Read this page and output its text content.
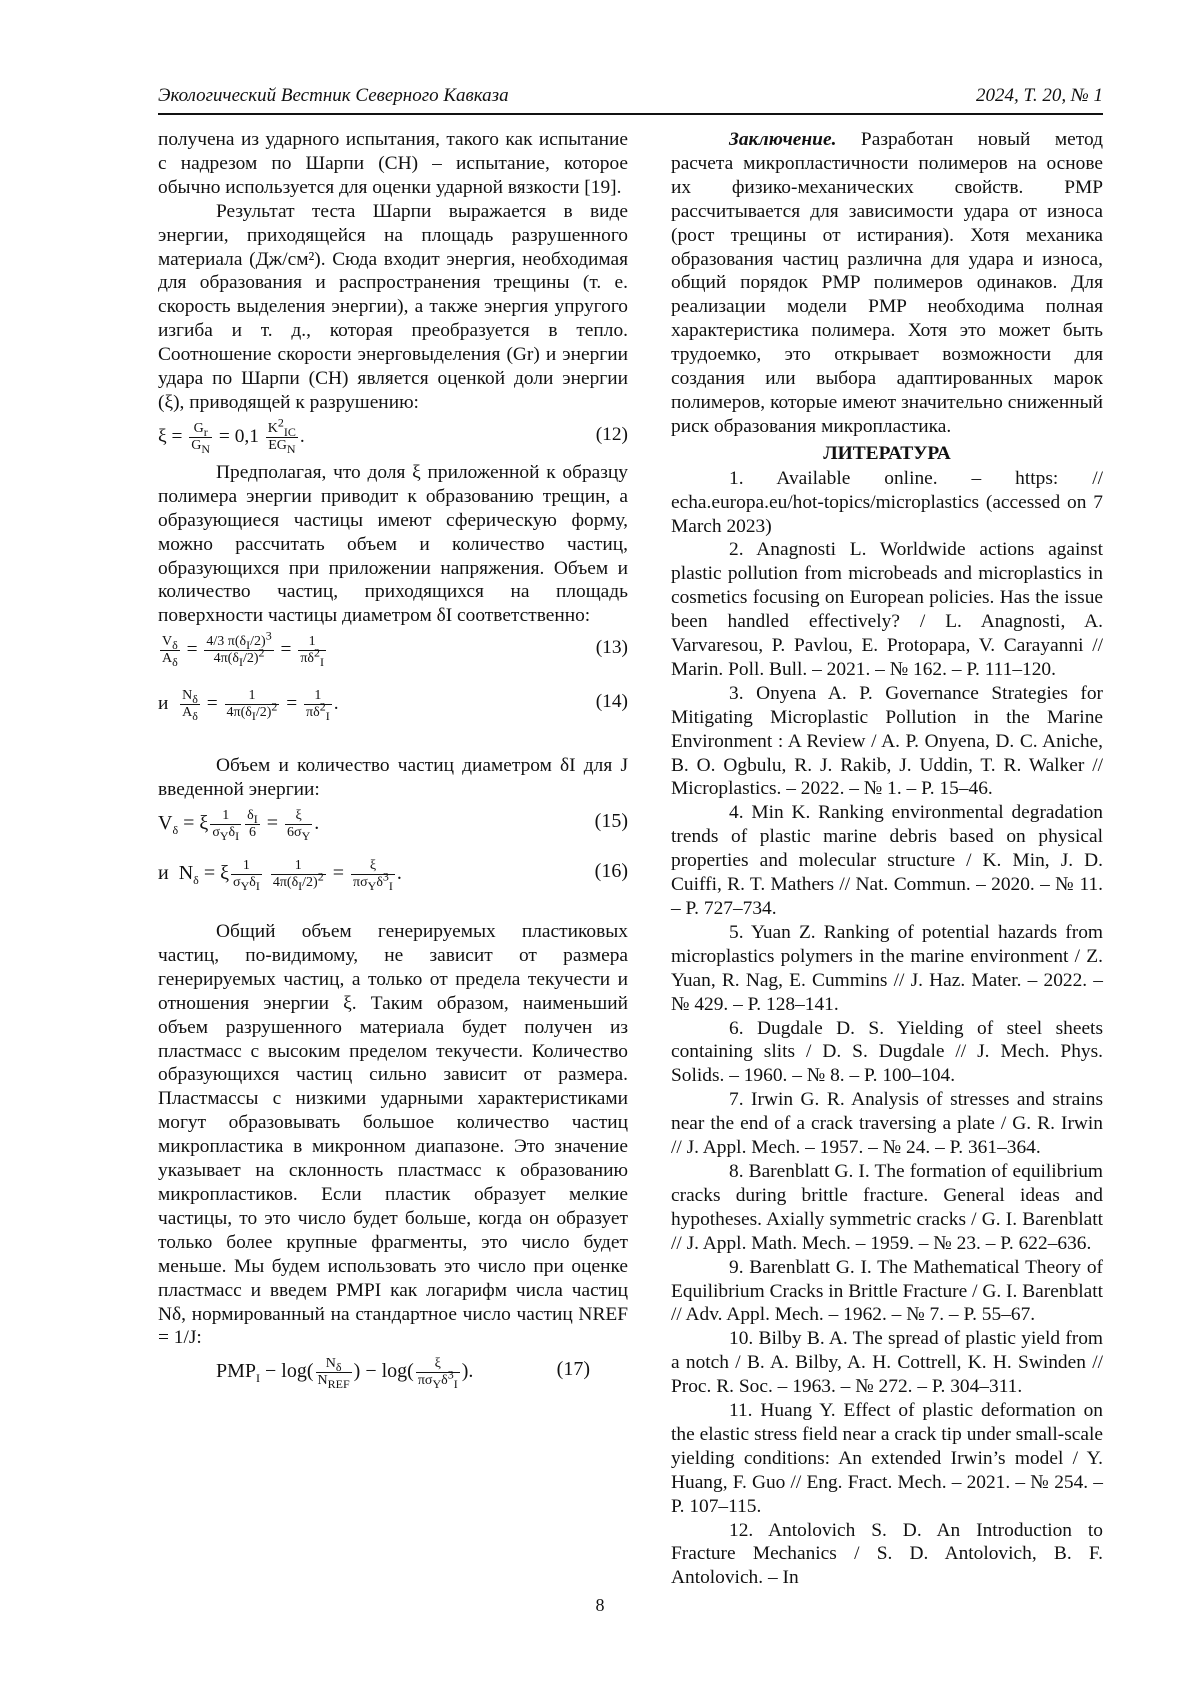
Экологический Вестник Северного Кавказа	2024, Т. 20, № 1

получена из ударного испытания, такого как испытание с надрезом по Шарпи (СН) – испытание, которое обычно используется для оценки ударной вязкости [19].

Результат теста Шарпи выражается в виде энергии, приходящейся на площадь разрушенного материала (Дж/см²). Сюда входит энергия, необходимая для образования и распространения трещины (т. е. скорость выделения энергии), а также энергия упругого изгиба и т. д., которая преобразуется в тепло. Соотношение скорости энерговыделения (Gr) и энергии удара по Шарпи (СН) является оценкой доли энергии (ξ), приводящей к разрушению:

$\xi = \frac{G_r}{G_N} = 0,1 \frac{K^2_{IC}}{EG_N}$ .	(12)

Предполагая, что доля ξ приложенной к образцу полимера энергии приводит к образованию трещин, а образующиеся частицы имеют сферическую форму, можно рассчитать объем и количество частиц, образующихся при приложении напряжения. Объем и количество частиц, приходящихся на площадь поверхности частицы диаметром δI соответственно:

$\frac{V_\delta}{A_\delta} = \frac{4/3 \pi(\delta_I/2)^3}{4\pi(\delta_I/2)^2} = \frac{1}{\pi\delta^2_I}$	(13)
и $\frac{N_\delta}{A_\delta} = \frac{1}{4\pi(\delta_I/2)^2} = \frac{1}{\pi\delta^2_I}$ .	(14)

Объем и количество частиц диаметром δI для J введенной энергии:

$V_\delta = \xi \frac{1}{\sigma_Y\delta_I} \frac{\delta_I}{6} = \frac{\xi}{6\sigma_Y}$ .	(15)
и  $N_\delta = \xi \frac{1}{\sigma_Y\delta_I}$
$\frac{1}{4\pi(\delta_I/2)^2} = \frac{\xi}{\pi\sigma_Y\delta^3_I}$ .	(16)

Общий объем генерируемых пластиковых частиц, по-видимому, не зависит от размера генерируемых частиц, а только от предела текучести и отношения энергии ξ. Таким образом, наименьший объем разрушенного материала будет получен из пластмасс с высоким пределом текучести. Количество образующихся частиц сильно зависит от размера. Пластмассы с низкими ударными характеристиками могут образовывать большое количество частиц микропластика в микронном диапазоне. Это значение указывает на склонность пластмасс к образованию микропластиков. Если пластик образует мелкие частицы, то это число будет больше, когда он образует только более крупные фрагменты, это число будет меньше. Мы будем использовать это число при оценке пластмасс и введем PMPI как логарифм числа частиц Nδ, нормированный на стандартное число частиц NREF = 1/J:

$PMP_I - \log( \frac{N_\delta}{N_{REF}}$ ) − $\log( \frac{\xi}{\pi\sigma_Y\delta^3_I}$ ).	(17)

Заключение. Разработан новый метод расчета микропластичности полимеров на основе их физико-механических свойств. PMP рассчитывается для зависимости удара от износа (рост трещины от истирания). Хотя механика образования частиц различна для удара и износа, общий порядок PMP полимеров одинаков. Для реализации модели PMP необходима полная характеристика полимера. Хотя это может быть трудоемко, это открывает возможности для создания или выбора адаптированных марок полимеров, которые имеют значительно сниженный риск образования микропластика.

ЛИТЕРАТУРА

1. Available online. – https: // echa.europa.eu/hot-topics/microplastics (accessed on 7 March 2023)

2. Anagnosti L. Worldwide actions against plastic pollution from microbeads and microplastics in cosmetics focusing on European policies. Has the issue been handled effectively? / L. Anagnosti, A. Varvaresou, P. Pavlou, E. Protopapa, V. Carayanni // Marin. Poll. Bull. – 2021. – № 162. – P. 111–120.

3. Onyena A. P. Governance Strategies for Mitigating Microplastic Pollution in the Marine Environment : A Review / A. P. Onyena, D. C. Aniche, B. O. Ogbulu, R. J. Rakib, J. Uddin, T. R. Walker // Microplastics. – 2022. – № 1. – P. 15–46.

4. Min K. Ranking environmental degradation trends of plastic marine debris based on physical properties and molecular structure / K. Min, J. D. Cuiffi, R. T. Mathers // Nat. Commun. – 2020. – № 11. – P. 727–734.

5. Yuan Z. Ranking of potential hazards from microplastics polymers in the marine environment / Z. Yuan, R. Nag, E. Cummins // J. Haz. Mater. – 2022. – № 429. – P. 128–141.

6. Dugdale D. S. Yielding of steel sheets containing slits / D. S. Dugdale // J. Mech. Phys. Solids. – 1960. – № 8. – P. 100–104.

7. Irwin G. R. Analysis of stresses and strains near the end of a crack traversing a plate / G. R. Irwin // J. Appl. Mech. – 1957. – № 24. – P. 361–364.

8. Barenblatt G. I. The formation of equilibrium cracks during brittle fracture. General ideas and hypotheses. Axially symmetric cracks / G. I. Barenblatt // J. Appl. Math. Mech. – 1959. – № 23. – P. 622–636.

9. Barenblatt G. I. The Mathematical Theory of Equilibrium Cracks in Brittle Fracture / G. I. Barenblatt // Adv. Appl. Mech. – 1962. – № 7. – P. 55–67.

10. Bilby B. A. The spread of plastic yield from a notch / B. A. Bilby, A. H. Cottrell, K. H. Swinden // Proc. R. Soc. – 1963. – № 272. – P. 304–311.

11. Huang Y. Effect of plastic deformation on the elastic stress field near a crack tip under small-scale yielding conditions: An extended Irwin’s model / Y. Huang, F. Guo // Eng. Fract. Mech. – 2021. – № 254. – P. 107–115.

12. Antolovich S. D. An Introduction to Fracture Mechanics / S. D. Antolovich, B. F. Antolovich. – In

8
